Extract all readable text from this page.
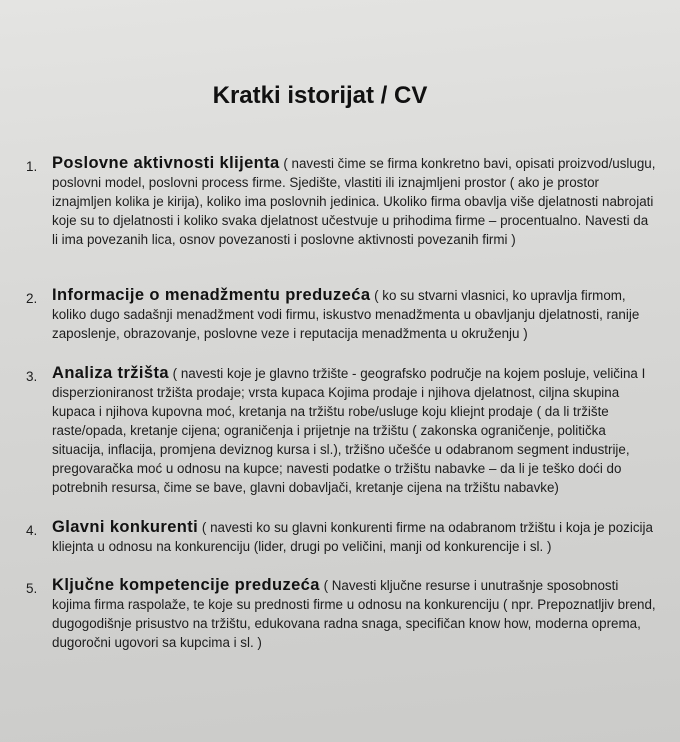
Kratki istorijat / CV
1. Poslovne aktivnosti klijenta ( navesti čime se firma konkretno bavi, opisati proizvod/uslugu, poslovni model, poslovni process firme. Sjedište, vlastiti ili iznajmljeni prostor ( ako je prostor iznajmljen kolika je kirija), koliko ima poslovnih jedinica. Ukoliko firma obavlja više djelatnosti nabrojati koje su to djelatnosti i koliko svaka djelatnost učestvuje u prihodima firme – procentualno. Navesti da li ima povezanih lica, osnov povezanosti i poslovne aktivnosti povezanih firmi )
2. Informacije o menadžmentu preduzeća ( ko su stvarni vlasnici, ko upravlja firmom, koliko dugo sadašnji menadžment vodi firmu, iskustvo menadžmenta u obavljanju djelatnosti, ranije zaposlenje, obrazovanje, poslovne veze i reputacija menadžmenta u okruženju )
3. Analiza tržišta ( navesti koje je glavno tržište - geografsko područje na kojem posluje, veličina I disperzioniranost tržišta prodaje; vrsta kupaca Kojima prodaje i njihova djelatnost, ciljna skupina kupaca i njihova kupovna moć, kretanja na tržištu robe/usluge koju kliejnt prodaje ( da li tržište raste/opada, kretanje cijena; ograničenja i prijetnje na tržištu ( zakonska ograničenje, politička situacija, inflacija, promjena deviznog kursa i sl.), tržišno učešće u odabranom segment industrije, pregovaračka moć u odnosu na kupce; navesti podatke o tržištu nabavke – da li je teško doći do potrebnih resursa, čime se bave, glavni dobavljači, kretanje cijena na tržištu nabavke)
4. Glavni konkurenti ( navesti ko su glavni konkurenti firme na odabranom tržištu i koja je pozicija kliejnta u odnosu na konkurenciju (lider, drugi po veličini, manji od konkurencije i sl. )
5. Ključne kompetencije preduzeća ( Navesti ključne resurse i unutrašnje sposobnosti kojima firma raspolaže, te koje su prednosti firme u odnosu na konkurenciju ( npr. Prepoznatljiv brend, dugogodišnje prisustvo na tržištu, edukovana radna snaga, specifičan know how, moderna oprema, dugoročni ugovori sa kupcima i sl. )
